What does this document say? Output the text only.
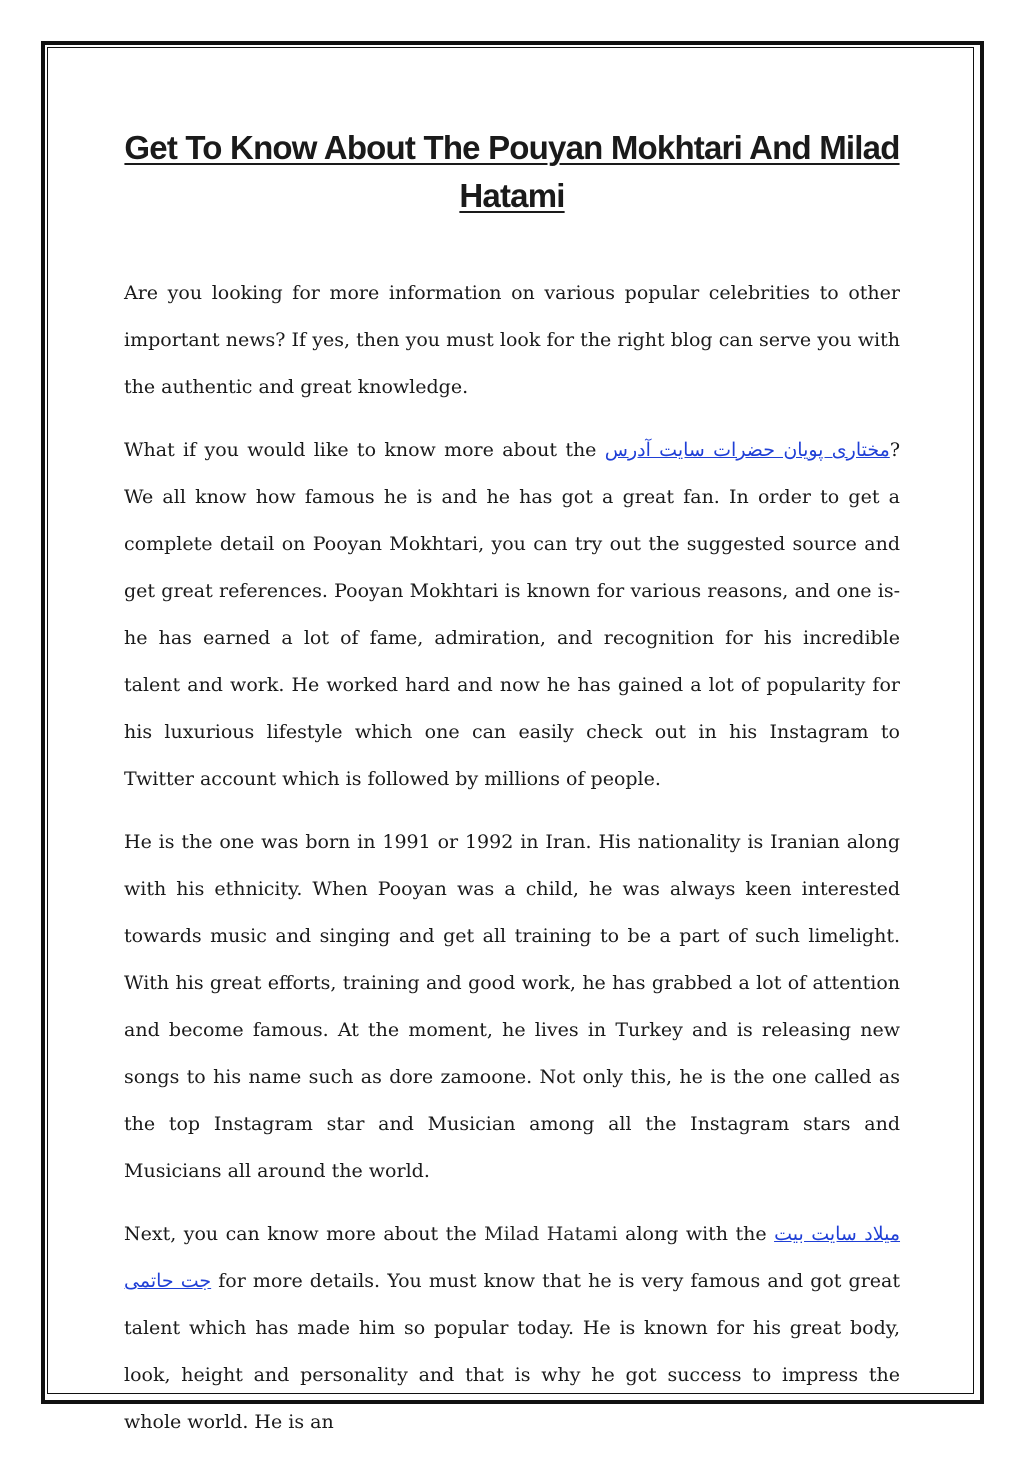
Get To Know About The Pouyan Mokhtari And Milad Hatami

Are you looking for more information on various popular celebrities to other important news? If yes, then you must look for the right blog can serve you with the authentic and great knowledge.

What if you would like to know more about the مختاری پویان حضرات سایت آدرس? We all know how famous he is and he has got a great fan. In order to get a complete detail on Pooyan Mokhtari, you can try out the suggested source and get great references. Pooyan Mokhtari is known for various reasons, and one is- he has earned a lot of fame, admiration, and recognition for his incredible talent and work. He worked hard and now he has gained a lot of popularity for his luxurious lifestyle which one can easily check out in his Instagram to Twitter account which is followed by millions of people.

He is the one was born in 1991 or 1992 in Iran. His nationality is Iranian along with his ethnicity. When Pooyan was a child, he was always keen interested towards music and singing and get all training to be a part of such limelight. With his great efforts, training and good work, he has grabbed a lot of attention and become famous. At the moment, he lives in Turkey and is releasing new songs to his name such as dore zamoone. Not only this, he is the one called as the top Instagram star and Musician among all the Instagram stars and Musicians all around the world.

Next, you can know more about the Milad Hatami along with the میلاد سایت بیت جت حاتمی for more details. You must know that he is very famous and got great talent which has made him so popular today. He is known for his great body, look, height and personality and that is why he got success to impress the whole world. He is an
